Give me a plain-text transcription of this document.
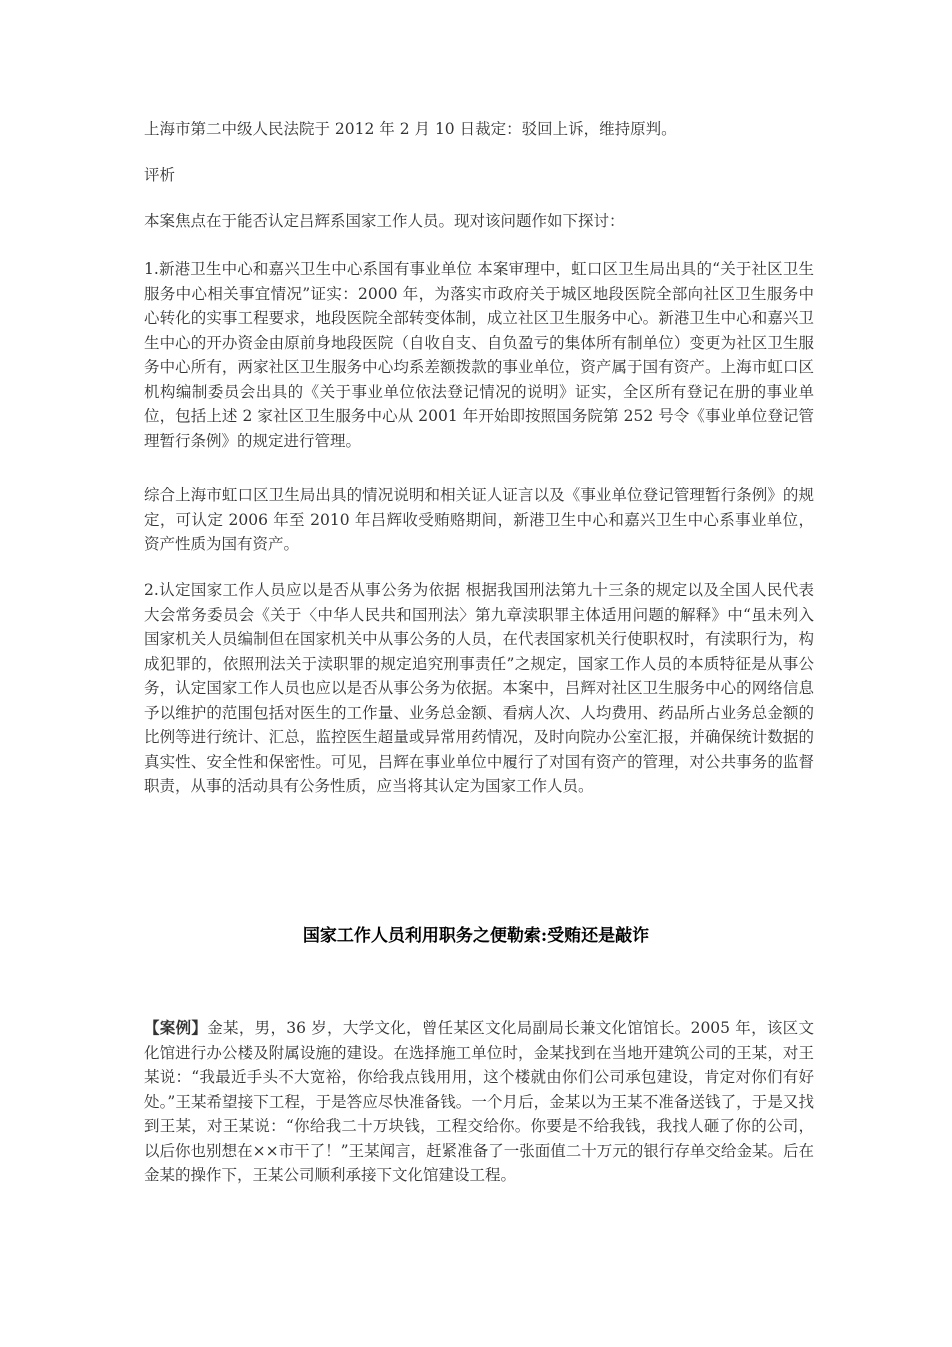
上海市第二中级人民法院于 2012 年 2 月 10 日裁定：驳回上诉，维持原判。

评析

本案焦点在于能否认定吕辉系国家工作人员。现对该问题作如下探讨：

1.新港卫生中心和嘉兴卫生中心系国有事业单位 本案审理中，虹口区卫生局出具的“关于社区卫生服务中心相关事宜情况”证实：2000 年，为落实市政府关于城区地段医院全部向社区卫生服务中心转化的实事工程要求，地段医院全部转变体制，成立社区卫生服务中心。新港卫生中心和嘉兴卫生中心的开办资金由原前身地段医院（自收自支、自负盈亏的集体所有制单位）变更为社区卫生服务中心所有，两家社区卫生服务中心均系差额拨款的事业单位，资产属于国有资产。上海市虹口区机构编制委员会出具的《关于事业单位依法登记情况的说明》证实，全区所有登记在册的事业单位，包括上述 2 家社区卫生服务中心从 2001 年开始即按照国务院第 252 号令《事业单位登记管理暂行条例》的规定进行管理。

综合上海市虹口区卫生局出具的情况说明和相关证人证言以及《事业单位登记管理暂行条例》的规定，可认定 2006 年至 2010 年吕辉收受贿赂期间，新港卫生中心和嘉兴卫生中心系事业单位，资产性质为国有资产。

2.认定国家工作人员应以是否从事公务为依据 根据我国刑法第九十三条的规定以及全国人民代表大会常务委员会《关于〈中华人民共和国刑法〉第九章渎职罪主体适用问题的解释》中“虽未列入国家机关人员编制但在国家机关中从事公务的人员，在代表国家机关行使职权时，有渎职行为，构成犯罪的，依照刑法关于渎职罪的规定追究刑事责任”之规定，国家工作人员的本质特征是从事公务，认定国家工作人员也应以是否从事公务为依据。本案中，吕辉对社区卫生服务中心的网络信息予以维护的范围包括对医生的工作量、业务总金额、看病人次、人均费用、药品所占业务总金额的比例等进行统计、汇总，监控医生超量或异常用药情况，及时向院办公室汇报，并确保统计数据的真实性、安全性和保密性。可见，吕辉在事业单位中履行了对国有资产的管理，对公共事务的监督职责，从事的活动具有公务性质，应当将其认定为国家工作人员。

国家工作人员利用职务之便勒索:受贿还是敲诈

【案例】金某，男，36 岁，大学文化，曾任某区文化局副局长兼文化馆馆长。2005 年，该区文化馆进行办公楼及附属设施的建设。在选择施工单位时，金某找到在当地开建筑公司的王某，对王某说：“我最近手头不大宽裕，你给我点钱用用，这个楼就由你们公司承包建设，肯定对你们有好处。”王某希望接下工程，于是答应尽快准备钱。一个月后，金某以为王某不准备送钱了，于是又找到王某，对王某说：“你给我二十万块钱，工程交给你。你要是不给我钱，我找人砸了你的公司，以后你也别想在××市干了！”王某闻言，赶紧准备了一张面值二十万元的银行存单交给金某。后在金某的操作下，王某公司顺利承接下文化馆建设工程。
